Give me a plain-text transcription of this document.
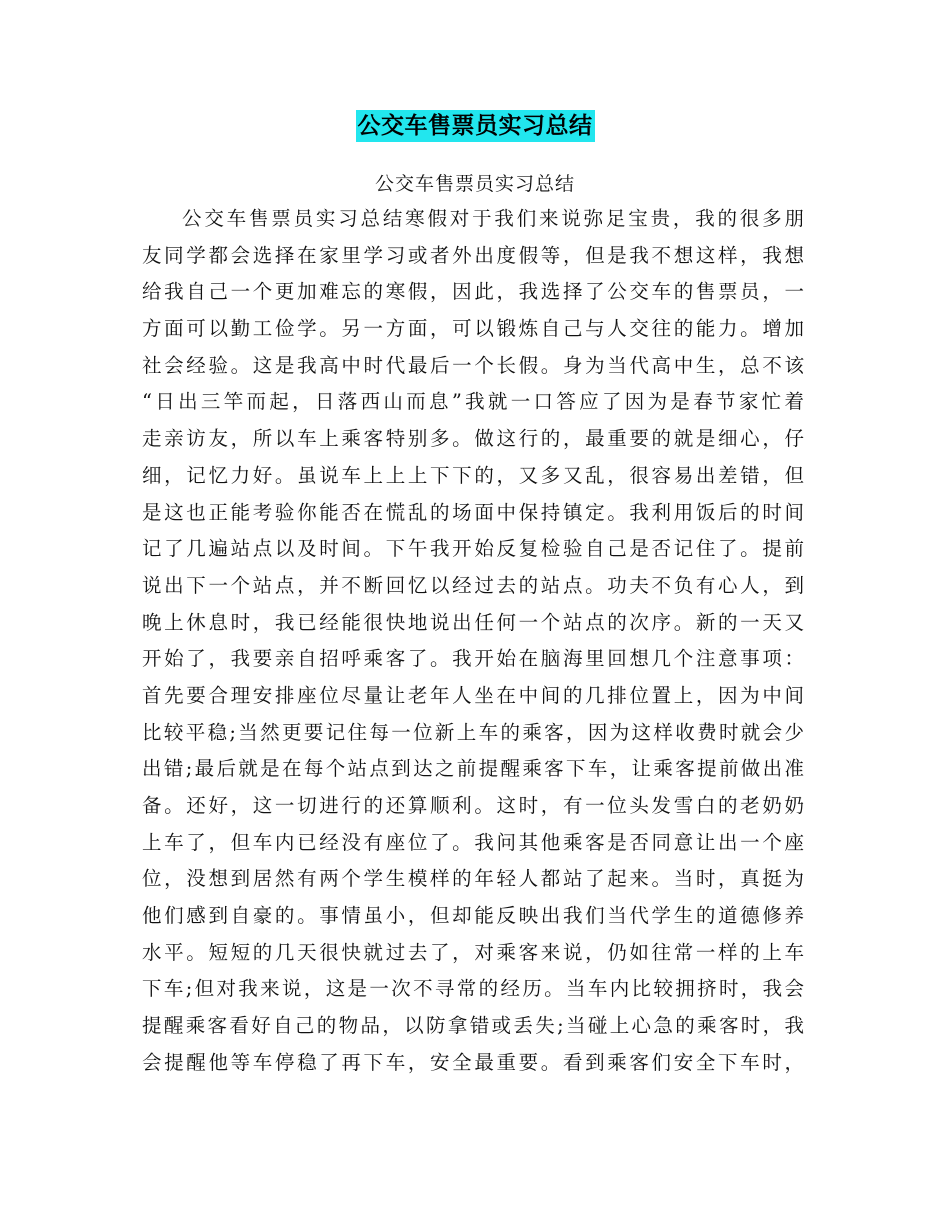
公交车售票员实习总结
公交车售票员实习总结
公交车售票员实习总结寒假对于我们来说弥足宝贵，我的很多朋
友同学都会选择在家里学习或者外出度假等，但是我不想这样，我想
给我自己一个更加难忘的寒假，因此，我选择了公交车的售票员，一
方面可以勤工俭学。另一方面，可以锻炼自己与人交往的能力。增加
社会经验。这是我高中时代最后一个长假。身为当代高中生，总不该
“日出三竿而起，日落西山而息”我就一口答应了因为是春节家忙着
走亲访友，所以车上乘客特别多。做这行的，最重要的就是细心，仔
细，记忆力好。虽说车上上上下下的，又多又乱，很容易出差错，但
是这也正能考验你能否在慌乱的场面中保持镇定。我利用饭后的时间
记了几遍站点以及时间。下午我开始反复检验自己是否记住了。提前
说出下一个站点，并不断回忆以经过去的站点。功夫不负有心人，到
晚上休息时，我已经能很快地说出任何一个站点的次序。新的一天又
开始了，我要亲自招呼乘客了。我开始在脑海里回想几个注意事项：
首先要合理安排座位尽量让老年人坐在中间的几排位置上，因为中间
比较平稳;当然更要记住每一位新上车的乘客，因为这样收费时就会少
出错;最后就是在每个站点到达之前提醒乘客下车，让乘客提前做出准
备。还好，这一切进行的还算顺利。这时，有一位头发雪白的老奶奶
上车了，但车内已经没有座位了。我问其他乘客是否同意让出一个座
位，没想到居然有两个学生模样的年轻人都站了起来。当时，真挺为
他们感到自豪的。事情虽小，但却能反映出我们当代学生的道德修养
水平。短短的几天很快就过去了，对乘客来说，仍如往常一样的上车
下车;但对我来说，这是一次不寻常的经历。当车内比较拥挤时，我会
提醒乘客看好自己的物品，以防拿错或丢失;当碰上心急的乘客时，我
会提醒他等车停稳了再下车，安全最重要。看到乘客们安全下车时，
